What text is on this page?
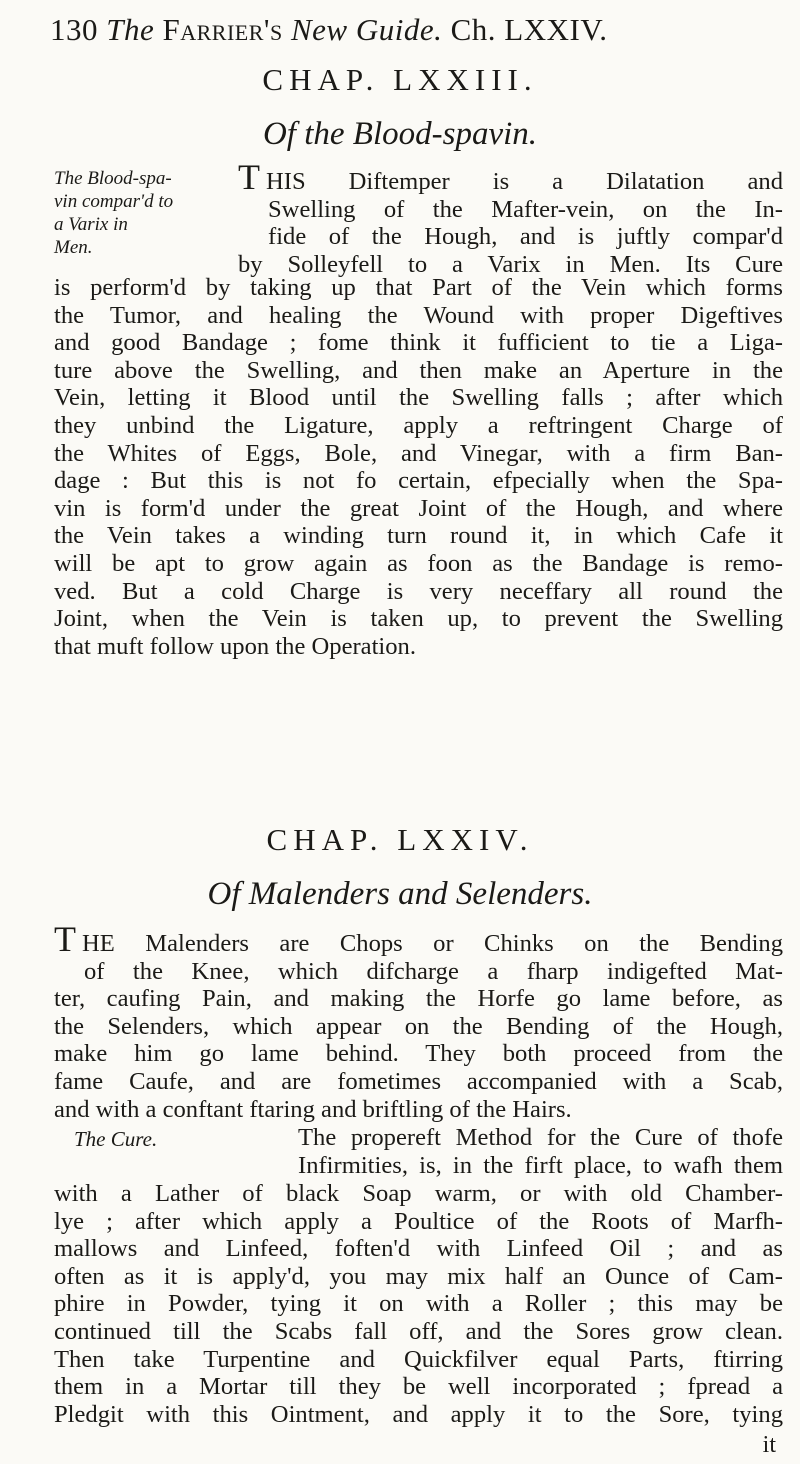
130 The Farrier's New Guide. Ch. LXXIV.
CHAP. LXXIII.
Of the Blood-spavin.
The Blood-spa-
vin compar'd to
a Varix in
Men.
T HIS Diftemper is a Dilatation and
Swelling of the Mafter-vein, on the In-
fide of the Hough, and is juftly compar'd
by Solleyfell to a Varix in Men. Its Cure
is perform'd by taking up that Part of the Vein which forms
the Tumor, and healing the Wound with proper Digeftives
and good Bandage ; fome think it fufficient to tie a Liga-
ture above the Swelling, and then make an Aperture in the
Vein, letting it Blood until the Swelling falls ; after which
they unbind the Ligature, apply a reftringent Charge of
the Whites of Eggs, Bole, and Vinegar, with a firm Ban-
dage : But this is not fo certain, efpecially when the Spa-
vin is form'd under the great Joint of the Hough, and where
the Vein takes a winding turn round it, in which Cafe it
will be apt to grow again as foon as the Bandage is remo-
ved. But a cold Charge is very neceffary all round the
Joint, when the Vein is taken up, to prevent the Swelling
that muft follow upon the Operation.
CHAP. LXXIV.
Of Malenders and Selenders.
T HE Malenders are Chops or Chinks on the Bending
of the Knee, which difcharge a fharp indigefted Mat-
ter, caufing Pain, and making the Horfe go lame before, as
the Selenders, which appear on the Bending of the Hough,
make him go lame behind. They both proceed from the
fame Caufe, and are fometimes accompanied with a Scab,
and with a conftant ftaring and briftling of the Hairs.
The Cure.	The propereft Method for the Cure of thofe
Infirmities, is, in the firft place, to wafh them
with a Lather of black Soap warm, or with old Chamber-
lye ; after which apply a Poultice of the Roots of Marfh-
mallows and Linfeed, foften'd with Linfeed Oil ; and as
often as it is apply'd, you may mix half an Ounce of Cam-
phire in Powder, tying it on with a Roller ; this may be
continued till the Scabs fall off, and the Sores grow clean.
Then take Turpentine and Quickfilver equal Parts, ftirring
them in a Mortar till they be well incorporated ; fpread a
Pledgit with this Ointment, and apply it to the Sore, tying
it
